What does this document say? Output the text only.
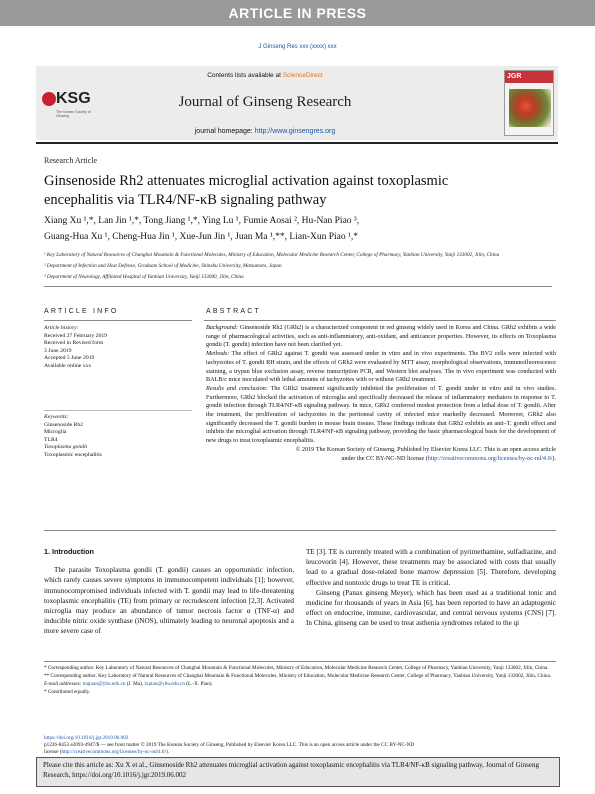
ARTICLE IN PRESS
J Ginseng Res xxx (xxxx) xxx
KSG
The Korean Society of Ginseng
Contents lists available at ScienceDirect
Journal of Ginseng Research
journal homepage: http://www.ginsengres.org
JGR
Research Article
Ginsenoside Rh2 attenuates microglial activation against toxoplasmic
encephalitis via TLR4/NF-κB signaling pathway
Xiang Xu ¹,*, Lan Jin ¹,*, Tong Jiang ¹,*, Ying Lu ¹, Fumie Aosai ², Hu-Nan Piao ³,
Guang-Hua Xu ¹, Cheng-Hua Jin ¹, Xue-Jun Jin ¹, Juan Ma ¹,**, Lian-Xun Piao ¹,*
¹ Key Laboratory of Natural Resources of Changbai Mountain & Functional Molecules, Ministry of Education, Molecular Medicine Research Center, College of Pharmacy, Yanbian University, Yanji 133002, Jilin, China
² Department of Infection and Host Defense, Graduate School of Medicine, Shinshu University, Matsumoto, Japan
³ Department of Neurology, Affiliated Hospital of Yanbian University, Yanji 133000, Jilin, China
ARTICLE INFO	ABSTRACT
Article history:
Received 27 February 2019
Received in Revised form
3 June 2019
Accepted 5 June 2019
Available online xxx
Keywords:
Ginsenoside Rh2
Microglia
TLR4
Toxoplasma gondii
Toxoplasmic encephalitis

Background: Ginsenoside Rh2 (GRh2) is a characterized component in red ginseng widely used in Korea and China. GRh2 exhibits a wide range of pharmacological activities, such as anti-inflammatory, anti-oxidant, and anticancer properties. However, its effects on Toxoplasma gondii (T. gondii) infection have not been clarified yet.

Methods: The effect of GRh2 against T. gondii was assessed under in vitro and in vivo experiments. The BV2 cells were infected with tachyzoites of T. gondii RH strain, and the effects of GRh2 were evaluated by MTT assay, morphological observations, immunofluorescence staining, a trypan blue exclusion assay, reverse transcription PCR, and Western blot analyses. The in vivo experiment was conducted with BALB/c mice inoculated with lethal amounts of tachyzoites with or without GRh2 treatment.

Results and conclusion: The GRh2 treatment significantly inhibited the proliferation of T. gondii under in vitro and in vivo studies. Furthermore, GRh2 blocked the activation of microglia and specifically decreased the release of inflammatory mediators in response to T. gondii infection through TLR4/NF-κB signaling pathway. In mice, GRh2 conferred modest protection from a lethal dose of T. gondii. After the treatment, the proliferation of tachyzoites in the peritoneal cavity of infected mice markedly decreased. Moreover, GRh2 also significantly decreased the T. gondii burden in mouse brain tissues. These findings indicate that GRh2 exhibits an anti–T. gondii effect and inhibits the microglial activation through TLR4/NF-κB signaling pathway, providing the basic pharmacological basis for the development of new drugs to treat toxoplasmic encephalitis.

© 2019 The Korean Society of Ginseng, Published by Elsevier Korea LLC. This is an open access article

under the CC BY-NC-ND license (http://creativecommons.org/licenses/by-nc-nd/4.0/).

1. Introduction

The parasite Toxoplasma gondii (T. gondii) causes an opportunistic infection, which rarely causes severe symptoms in immunocompetent individuals [1]; however, immunocompromised individuals infected with T. gondii may lead to life-threatening toxoplasmic encephalitis (TE) from primary or recrudescent infection [2,3]. Activated microglia may produce an abundance of tumor necrosis factor α (TNF-α) and inducible nitric oxide synthase (iNOS), ultimately leading to neuronal apoptosis and a more severe case of

TE [3]. TE is currently treated with a combination of pyrimethamine, sulfadiazine, and leucovorin [4]. However, these treatments may be associated with costs that usually lead to a gradual dose-related bone marrow depression [5]. Therefore, developing effective and nontoxic drugs to treat TE is critical.

Ginseng (Panax ginseng Meyer), which has been used as a traditional tonic and medicine for thousands of years in Asia [6], has been reported to have an adaptogenic effect on endocrine, immune, cardiovascular, and central nervous systems (CNS) [7]. In China, ginseng can be used to treat asthenia syndromes related to the qi

* Corresponding author. Key Laboratory of Natural Resources of Changbai Mountain & Functional Molecules, Ministry of Education, Molecular Medicine Research Center, College of Pharmacy, Yanbian University, Yanji 133002, Jilin, China.
** Corresponding author. Key Laboratory of Natural Resources of Changbai Mountain & Functional Molecules, Ministry of Education, Molecular Medicine Research Center, College of Pharmacy, Yanbian University, Yanji 133002, Jilin, China.
E-mail addresses: majuan@ybu.edu.cn (J. Ma), lxpiao@ybu.edu.cn (L.-X. Piao).
* Contributed equally.
https://doi.org/10.1016/j.jgr.2019.06.002
p1226-8453 e2093-4947/$ — see front matter © 2019 The Korean Society of Ginseng, Published by Elsevier Korea LLC. This is an open access article under the CC BY-NC-ND
license (http://creativecommons.org/licenses/by-nc-nd/4.0/).
Please cite this article as: Xu X et al., Ginsenoside Rh2 attenuates microglial activation against toxoplasmic encephalitis via TLR4/NF-κB signaling pathway, Journal of Ginseng Research, https://doi.org/10.1016/j.jgr.2019.06.002
